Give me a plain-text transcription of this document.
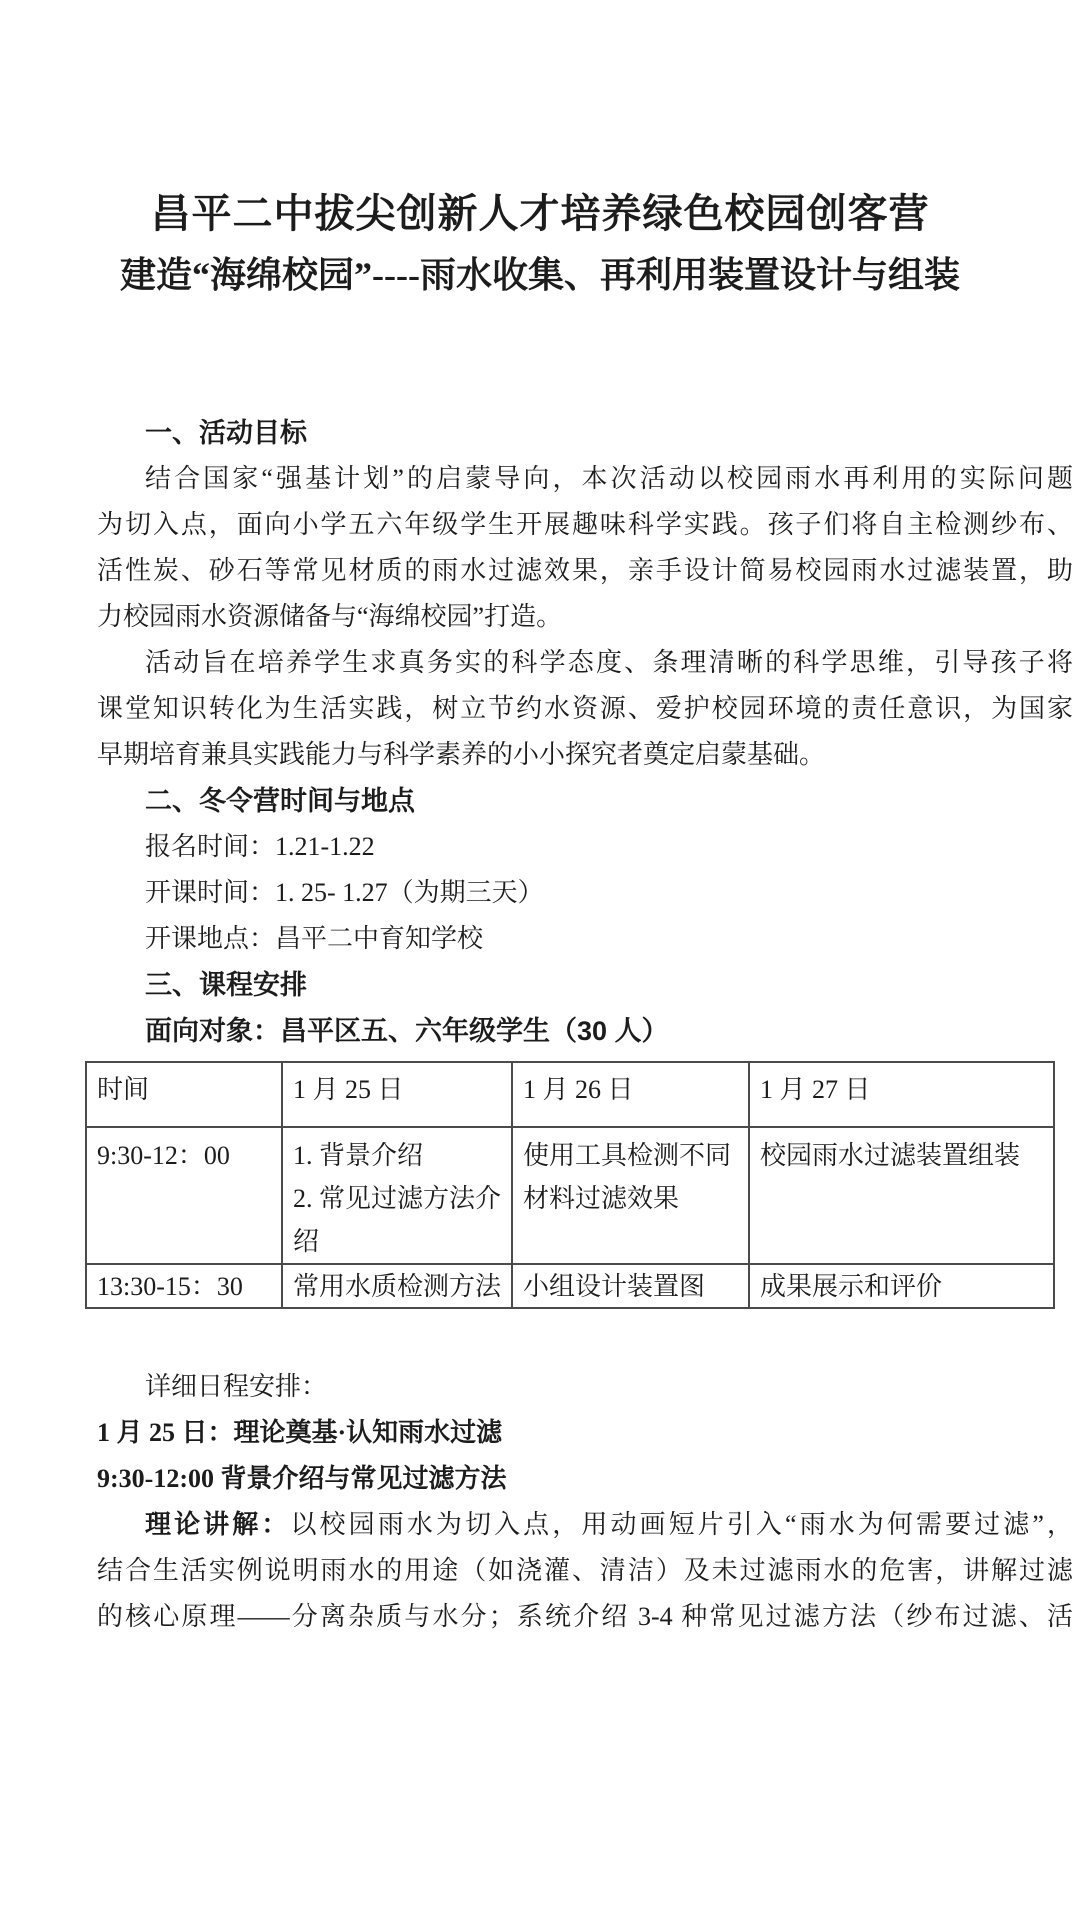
昌平二中拔尖创新人才培养绿色校园创客营
建造“海绵校园”----雨水收集、再利用装置设计与组装
一、活动目标
结合国家“强基计划”的启蒙导向，本次活动以校园雨水再利用的实际问题
为切入点，面向小学五六年级学生开展趣味科学实践。孩子们将自主检测纱布、
活性炭、砂石等常见材质的雨水过滤效果，亲手设计简易校园雨水过滤装置，助
力校园雨水资源储备与“海绵校园”打造。
活动旨在培养学生求真务实的科学态度、条理清晰的科学思维，引导孩子将
课堂知识转化为生活实践，树立节约水资源、爱护校园环境的责任意识，为国家
早期培育兼具实践能力与科学素养的小小探究者奠定启蒙基础。
二、冬令营时间与地点
报名时间：1.21-1.22
开课时间：1. 25- 1.27（为期三天）
开课地点：昌平二中育知学校
三、课程安排
面向对象：昌平区五、六年级学生（30 人）
时间	1 月 25 日	1 月 26 日	1 月 27 日
9:30-12：00	1. 背景介绍
2. 常见过滤方法介
绍	使用工具检测不同
材料过滤效果	校园雨水过滤装置组装
13:30-15：30	常用水质检测方法	小组设计装置图	成果展示和评价
详细日程安排：
1 月 25 日：理论奠基·认知雨水过滤
9:30-12:00 背景介绍与常见过滤方法
理论讲解：以校园雨水为切入点，用动画短片引入“雨水为何需要过滤”，
结合生活实例说明雨水的用途（如浇灌、清洁）及未过滤雨水的危害，讲解过滤
的核心原理——分离杂质与水分；系统介绍 3-4 种常见过滤方法（纱布过滤、活
